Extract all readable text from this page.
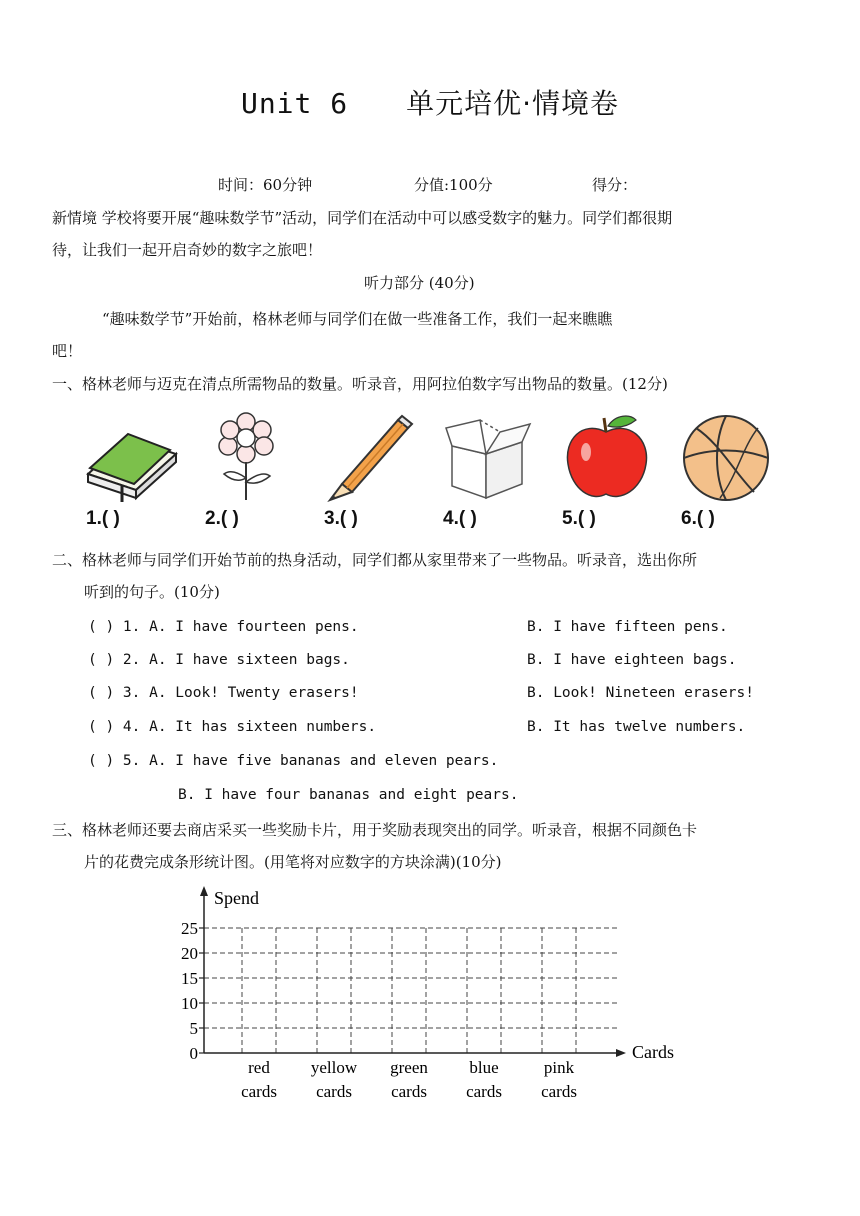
Unit 6 单元培优·情境卷
时间：60分钟	分值:100分	得分：
新情境 学校将要开展“趣味数学节”活动，同学们在活动中可以感受数字的魅力。同学们都很期
待，让我们一起开启奇妙的数字之旅吧！
听力部分 (40分)
“趣味数学节”开始前，格林老师与同学们在做一些准备工作，我们一起来瞧瞧
吧！
一、格林老师与迈克在清点所需物品的数量。听录音，用阿拉伯数字写出物品的数量。(12分)
1.( )	2.( )	3.( )	4.( )	5.( )	6.( )
二、格林老师与同学们开始节前的热身活动，同学们都从家里带来了一些物品。听录音，选出你所
听到的句子。(10分)
( ) 1. A. I have fourteen pens.	B. I have fifteen pens.
( ) 2. A. I have sixteen bags.	B. I have eighteen bags.
( ) 3. A. Look! Twenty erasers!	B. Look! Nineteen erasers!
( ) 4. A. It has sixteen numbers.	B. It has twelve numbers.
( ) 5. A. I have five bananas and eleven pears.
B. I have four bananas and eight pears.
三、格林老师还要去商店采买一些奖励卡片，用于奖励表现突出的同学。听录音，根据不同颜色卡
片的花费完成条形统计图。(用笔将对应数字的方块涂满)(10分)
Spend
Cards
0
5
10
15
20
25
red
cards
yellow
cards
green
cards
blue
cards
pink
cards
